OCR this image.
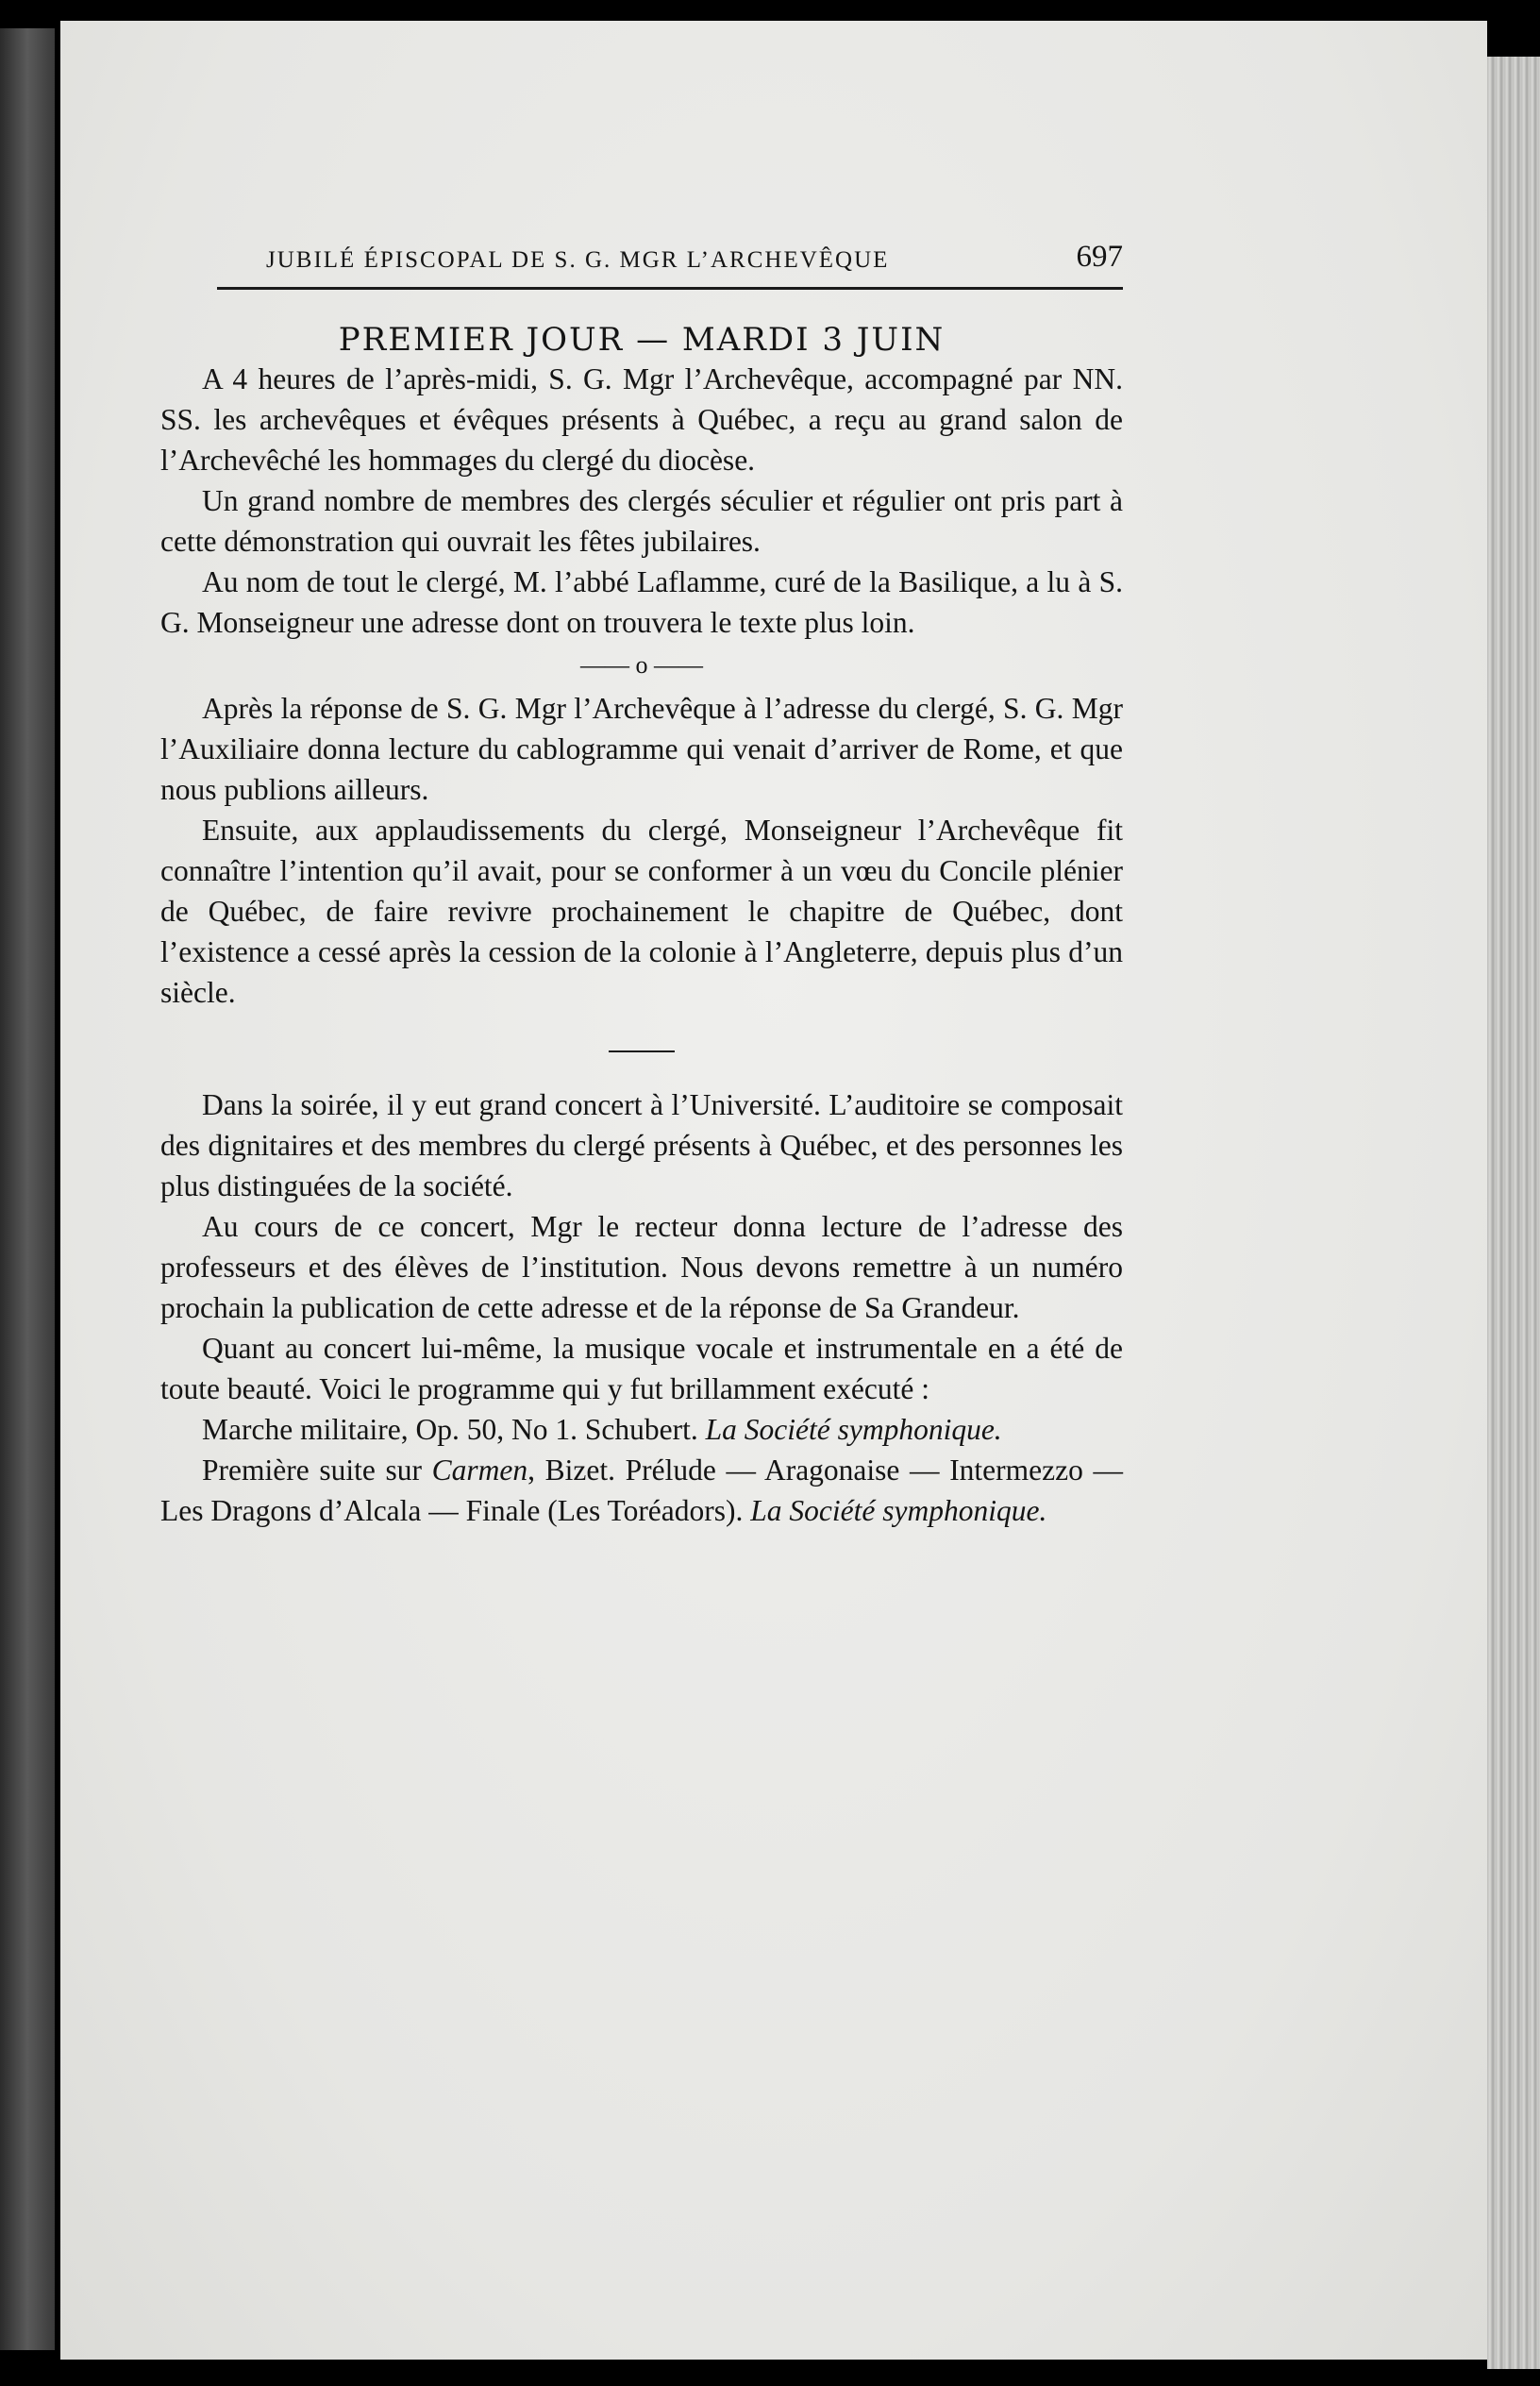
JUBILÉ ÉPISCOPAL DE S. G. MGR L’ARCHEVÊQUE	697
PREMIER JOUR — MARDI 3 JUIN

A 4 heures de l’après-midi, S. G. Mgr l’Archevêque, accompagné par NN. SS. les archevêques et évêques présents à Québec, a reçu au grand salon de l’Archevêché les hommages du clergé du diocèse.

Un grand nombre de membres des clergés séculier et régulier ont pris part à cette démonstration qui ouvrait les fêtes jubilaires.

Au nom de tout le clergé, M. l’abbé Laflamme, curé de la Basilique, a lu à S. G. Monseigneur une adresse dont on trouvera le texte plus loin.

—— o ——

Après la réponse de S. G. Mgr l’Archevêque à l’adresse du clergé, S. G. Mgr l’Auxiliaire donna lecture du cablogramme qui venait d’arriver de Rome, et que nous publions ailleurs.

Ensuite, aux applaudissements du clergé, Monseigneur l’Archevêque fit connaître l’intention qu’il avait, pour se conformer à un vœu du Concile plénier de Québec, de faire revivre prochainement le chapitre de Québec, dont l’existence a cessé après la cession de la colonie à l’Angleterre, depuis plus d’un siècle.

Dans la soirée, il y eut grand concert à l’Université. L’auditoire se composait des dignitaires et des membres du clergé présents à Québec, et des personnes les plus distinguées de la société.

Au cours de ce concert, Mgr le recteur donna lecture de l’adresse des professeurs et des élèves de l’institution. Nous devons remettre à un numéro prochain la publication de cette adresse et de la réponse de Sa Grandeur.

Quant au concert lui-même, la musique vocale et instrumentale en a été de toute beauté. Voici le programme qui y fut brillamment exécuté :

Marche militaire, Op. 50, No 1. Schubert. La Société symphonique.

Première suite sur Carmen, Bizet. Prélude — Aragonaise — Intermezzo — Les Dragons d’Alcala — Finale (Les Toréadors). La Société symphonique.
